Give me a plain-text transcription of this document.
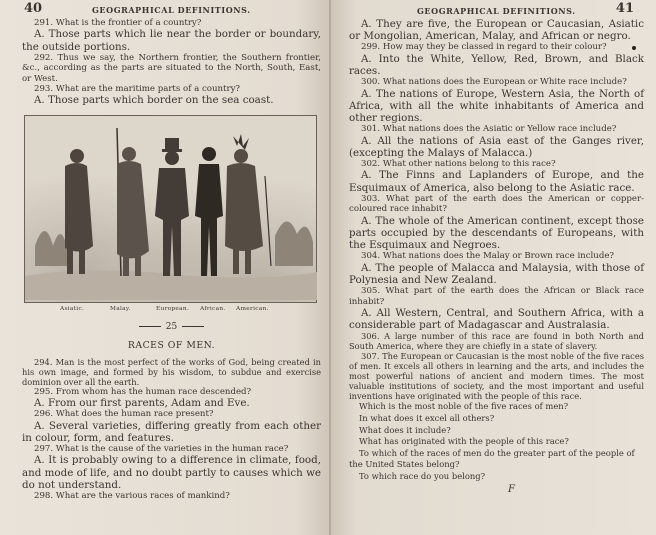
40	GEOGRAPHICAL DEFINITIONS.

291. What is the frontier of a country?

A. Those parts which lie near the border or boundary, the outside portions.

292. Thus we say, the Northern frontier, the Southern frontier, &c., according as the parts are situated to the North, South, East, or West.

293. What are the maritime parts of a country?

A. Those parts which border on the sea coast.

Asiatic.	Malay.	European. African. American.
25
RACES OF MEN.

294. Man is the most perfect of the works of God, being created in his own image, and formed by his wisdom, to subdue and exercise dominion over all the earth.

295. From whom has the human race descended?

A. From our first parents, Adam and Eve.

296. What does the human race present?

A. Several varieties, differing greatly from each other in colour, form, and features.

297. What is the cause of the varieties in the human race?

A. It is probably owing to a difference in climate, food, and mode of life, and no doubt partly to causes which we do not understand.

298. What are the various races of mankind?

GEOGRAPHICAL DEFINITIONS.	41

A. They are five, the European or Caucasian, Asiatic or Mongolian, American, Malay, and African or negro.

299. How may they be classed in regard to their colour?

A. Into the White, Yellow, Red, Brown, and Black races.

300. What nations does the European or White race include?

A. The nations of Europe, Western Asia, the North of Africa, with all the white inhabitants of America and other regions.

301. What nations does the Asiatic or Yellow race include?

A. All the nations of Asia east of the Ganges river, (excepting the Malays of Malacca.)

302. What other nations belong to this race?

A. The Finns and Laplanders of Europe, and the Esquimaux of America, also belong to the Asiatic race.

303. What part of the earth does the American or copper-coloured race inhabit?

A. The whole of the American continent, except those parts occupied by the descendants of Europeans, with the Esquimaux and Negroes.

304. What nations does the Malay or Brown race include?

A. The people of Malacca and Malaysia, with those of Polynesia and New Zealand.

305. What part of the earth does the African or Black race inhabit?

A. All Western, Central, and Southern Africa, with a considerable part of Madagascar and Australasia.

306. A large number of this race are found in both North and South America, where they are chiefly in a state of slavery.

307. The European or Caucasian is the most noble of the five races of men. It excels all others in learning and the arts, and includes the most powerful nations of ancient and modern times. The most valuable institutions of society, and the most important and useful inventions have originated with the people of this race.

Which is the most noble of the five races of men?

In what does it excel all others?

What does it include?

What has originated with the people of this race?

To which of the races of men do the greater part of the people of the United States belong?

To which race do you belong?

F
